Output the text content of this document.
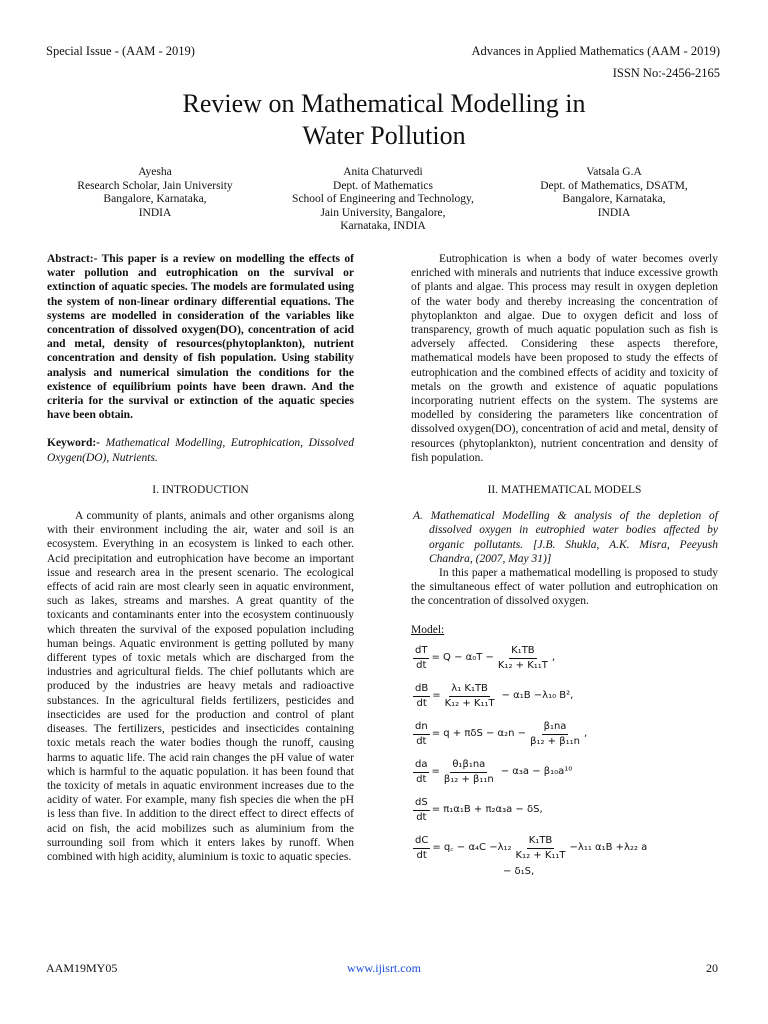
Special Issue - (AAM - 2019)	Advances in Applied Mathematics (AAM - 2019)
ISSN No:-2456-2165
Review on Mathematical Modelling in
Water Pollution
Ayesha
Research Scholar, Jain University
Bangalore, Karnataka,
INDIA
Anita Chaturvedi
Dept. of Mathematics
School of Engineering and Technology,
Jain University, Bangalore,
Karnataka, INDIA
Vatsala G.A
Dept. of Mathematics, DSATM,
Bangalore, Karnataka,
INDIA

Abstract:- This paper is a review on modelling the effects of water pollution and eutrophication on the survival or extinction of aquatic species. The models are formulated using the system of non-linear ordinary differential equations. The systems are modelled in consideration of the variables like concentration of dissolved oxygen(DO), concentration of acid and metal, density of resources(phytoplankton), nutrient concentration and density of fish population. Using stability analysis and numerical simulation the conditions for the existence of equilibrium points have been drawn. And the criteria for the survival or extinction of the aquatic species have been obtain.

Keyword:- Mathematical Modelling, Eutrophication, Dissolved Oxygen(DO), Nutrients.

I. INTRODUCTION

A community of plants, animals and other organisms along with their environment including the air, water and soil is an ecosystem. Everything in an ecosystem is linked to each other. Acid precipitation and eutrophication have become an important issue and research area in the present scenario. The ecological effects of acid rain are most clearly seen in aquatic environment, such as lakes, streams and marshes. A great quantity of the toxicants and contaminants enter into the ecosystem continuously which threaten the survival of the exposed population including human beings. Aquatic environment is getting polluted by many different types of toxic metals which are discharged from the industries and agricultural fields. The chief pollutants which are produced by the industries are heavy metals and radioactive substances. In the agricultural fields fertilizers, pesticides and insecticides are used for the production and control of plant diseases. The fertilizers, pesticides and insecticides containing toxic metals reach the water bodies though the runoff, causing harms to aquatic life. The acid rain changes the pH value of water which is harmful to the aquatic population. it has been found that the toxicity of metals in aquatic environment increases due to the acidity of water. For example, many fish species die when the pH is less than five. In addition to the direct effect to direct effects of acid on fish, the acid mobilizes such as aluminium from the surrounding soil from which it enters lakes by runoff. When combined with high acidity, aluminium is toxic to aquatic species.

Eutrophication is when a body of water becomes overly enriched with minerals and nutrients that induce excessive growth of plants and algae. This process may result in oxygen depletion of the water body and thereby increasing the concentration of phytoplankton and algae. Due to oxygen deficit and loss of transparency, growth of much aquatic population such as fish is adversely affected. Considering these aspects therefore, mathematical models have been proposed to study the effects of eutrophication and the combined effects of acidity and toxicity of metals on the growth and existence of aquatic populations incorporating nutrient effects on the system. The systems are modelled by considering the parameters like concentration of dissolved oxygen(DO), concentration of acid and metal, density of resources (phytoplankton), nutrient concentration and density of fish population.

II. MATHEMATICAL MODELS

A. Mathematical Modelling & analysis of the depletion of dissolved oxygen in eutrophied water bodies affected by organic pollutants. [J.B. Shukla, A.K. Misra, Peeyush Chandra, (2007, May 31)]

In this paper a mathematical modelling is proposed to study the simultaneous effect of water pollution and eutrophication on the concentration of dissolved oxygen.

Model:
$\frac{dT}{dt} = Q - \alpha_0T - \frac{\text{K₁TB}}{\text{K₁₂ + K₁₁T}}$ ,
$\frac{dB}{dt} = \frac{\text{λ₁ K₁TB}}{\text{K₁₂ + K₁₁T}} - \alpha_1B -\lambda_{10}$ B²,
$\frac{dn}{dt} = q + \pi\delta S - \alpha_2n - \frac{\text{β₁na}}{\text{β₁₂ + β₁₁n}}$ ,
$\frac{da}{dt} = \frac{\text{θ₁β₁na}}{\text{β₁₂ + β₁₁n}} - \alpha_3a - \beta_{10}a^{10}$
$\frac{dS}{dt} = \pi_1\alpha_1B + \pi_2\alpha_3a - \delta S$,
$\frac{dC}{dt}$ = q꜀ − $\alpha_4C -\lambda_{12} \frac{\text{K₁TB}}{\text{K₁₂ + K₁₁T}} -\lambda_{11}$ α₁B +λ₂₂ a
− δ₁S,
AAM19MY05	www.ijisrt.com	20
